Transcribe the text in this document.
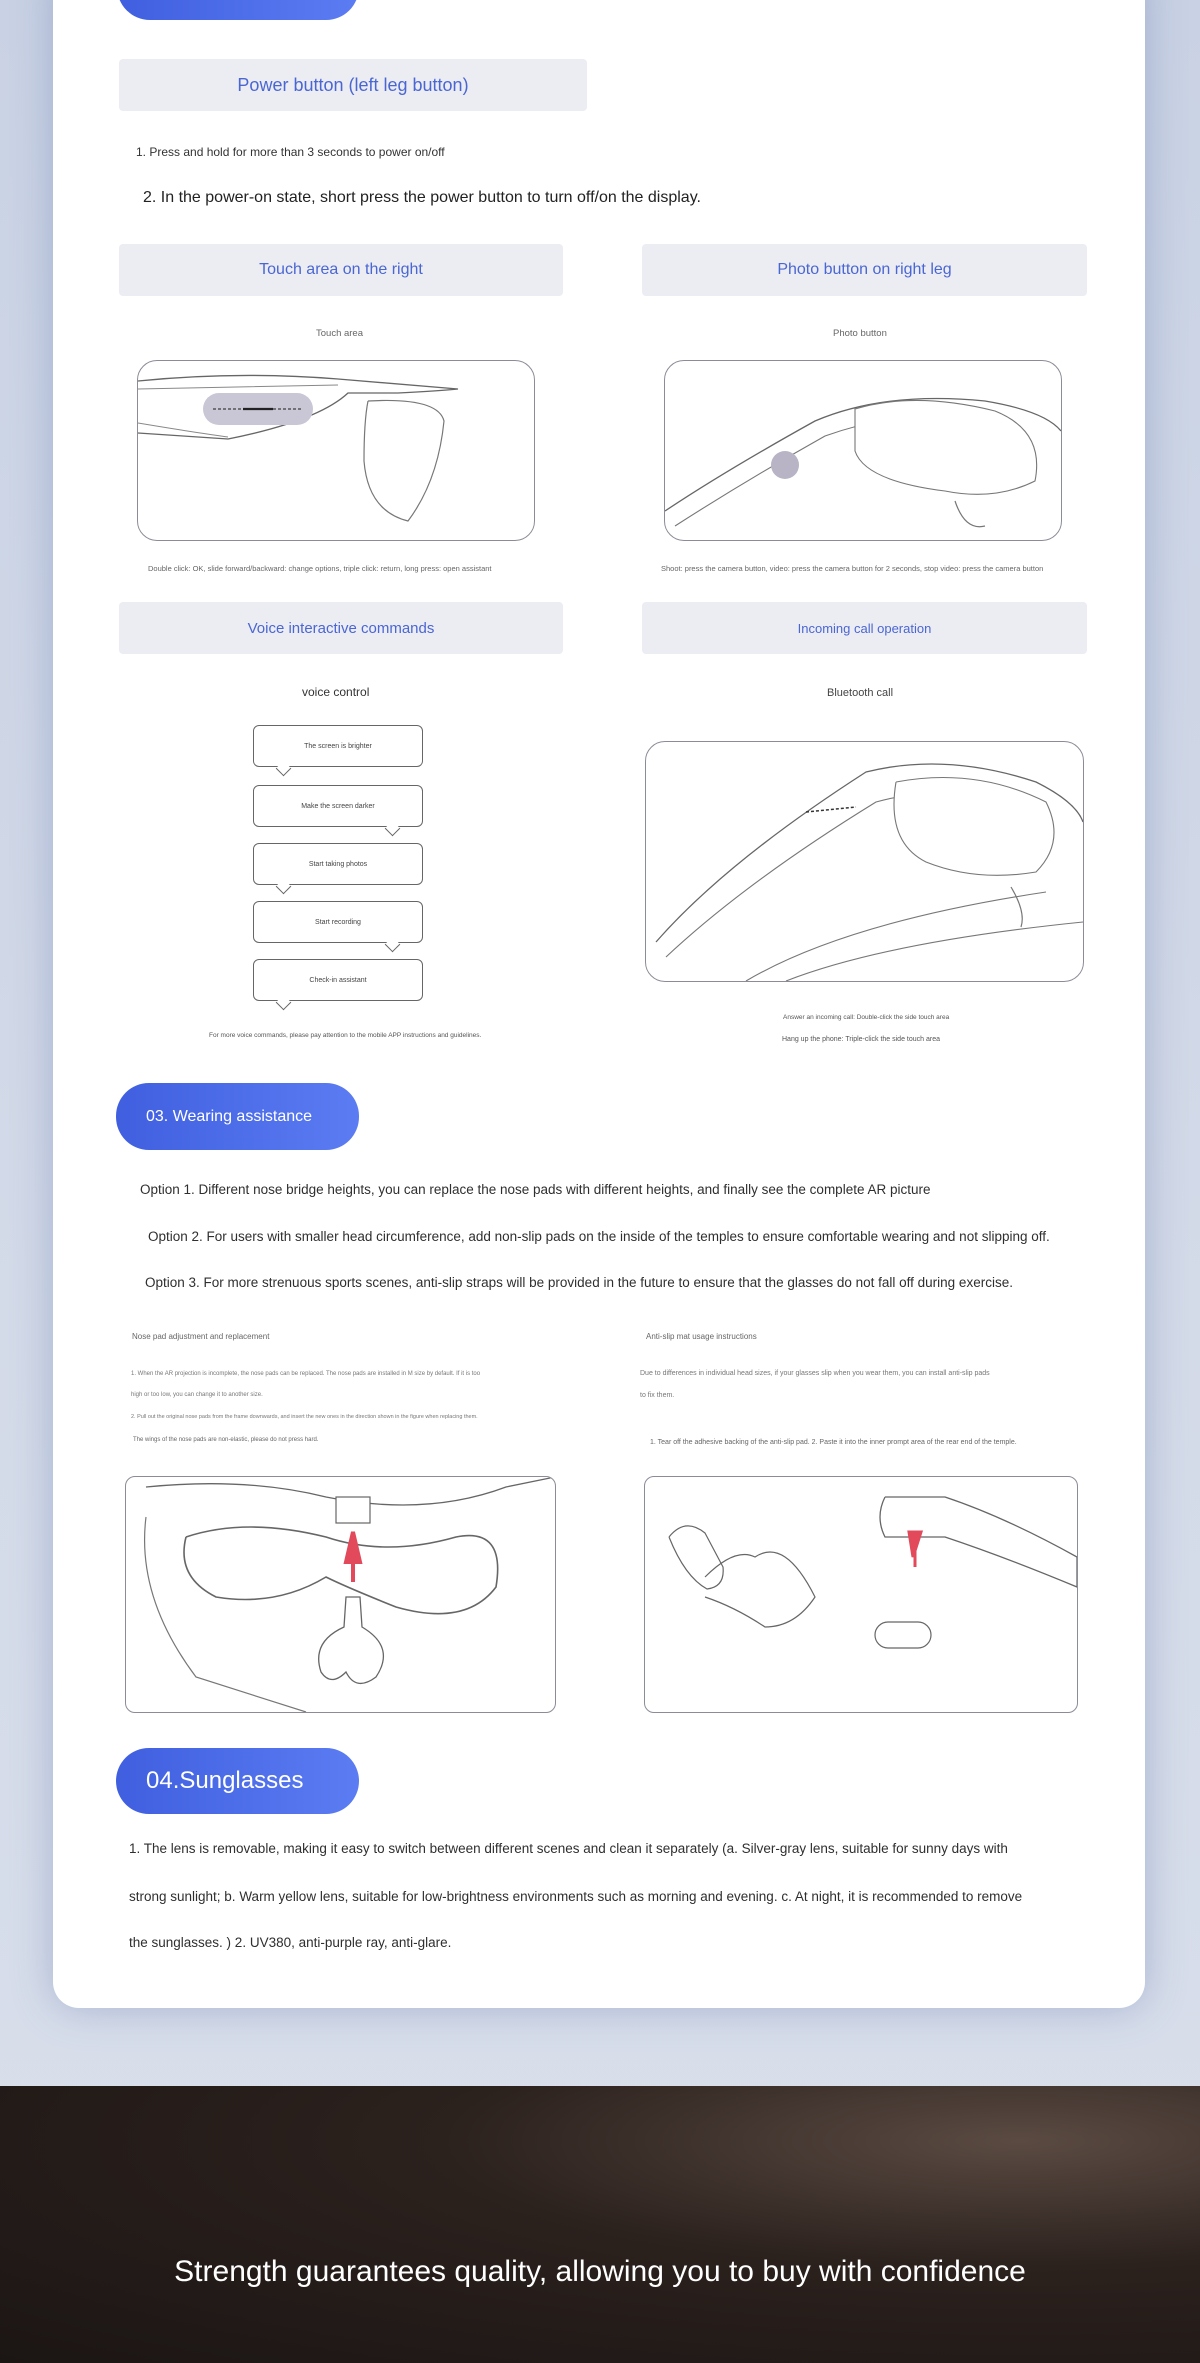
Power button (left leg button)
1. Press and hold for more than 3 seconds to power on/off
2. In the power-on state, short press the power button to turn off/on the display.
Touch area on the right
Touch area
Double click: OK, slide forward/backward: change options, triple click: return, long press: open assistant
Photo button on right leg
Photo button
Shoot: press the camera button, video: press the camera button for 2 seconds, stop video: press the camera button
Voice interactive commands
voice control
The screen is brighter
Make the screen darker
Start taking photos
Start recording
Check-in assistant
For more voice commands, please pay attention to the mobile APP instructions and guidelines.
Incoming call operation
Bluetooth call
Answer an incoming call: Double-click the side touch area
Hang up the phone: Triple-click the side touch area
03. Wearing assistance
Option 1. Different nose bridge heights, you can replace the nose pads with different heights, and finally see the complete AR picture
Option 2. For users with smaller head circumference, add non-slip pads on the inside of the temples to ensure comfortable wearing and not slipping off.
Option 3. For more strenuous sports scenes, anti-slip straps will be provided in the future to ensure that the glasses do not fall off during exercise.
Nose pad adjustment and replacement
1. When the AR projection is incomplete, the nose pads can be replaced. The nose pads are installed in M size by default. If it is too
high or too low, you can change it to another size.
2. Pull out the original nose pads from the frame downwards, and insert the new ones in the direction shown in the figure when replacing them.
The wings of the nose pads are non-elastic, please do not press hard.
Anti-slip mat usage instructions
Due to differences in individual head sizes, if your glasses slip when you wear them, you can install anti-slip pads
to fix them.
1. Tear off the adhesive backing of the anti-slip pad. 2. Paste it into the inner prompt area of the rear end of the temple.
04.Sunglasses
1. The lens is removable, making it easy to switch between different scenes and clean it separately (a. Silver-gray lens, suitable for sunny days with
strong sunlight; b. Warm yellow lens, suitable for low-brightness environments such as morning and evening. c. At night, it is recommended to remove
the sunglasses. ) 2. UV380, anti-purple ray, anti-glare.
Strength guarantees quality, allowing you to buy with confidence
